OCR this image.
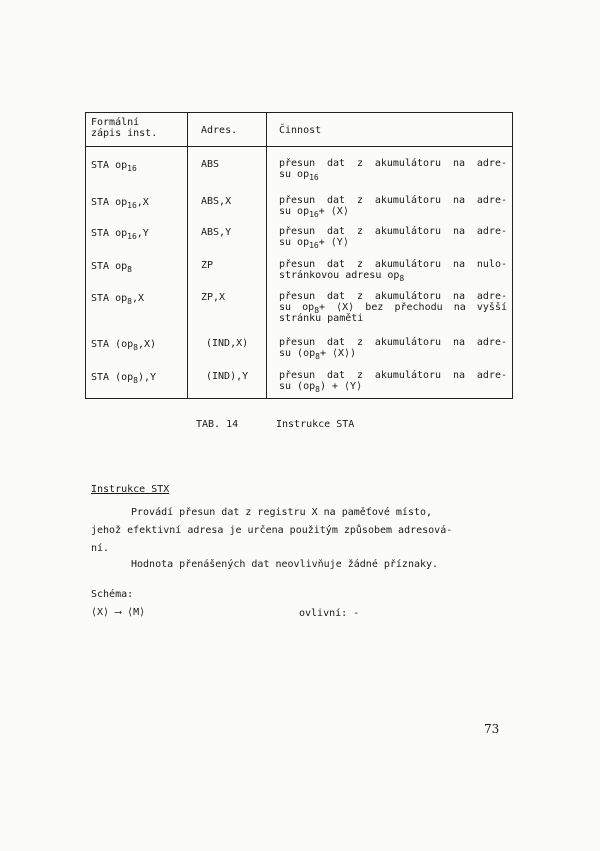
Formální
zápis inst.	Adres.	Činnost
STA $op_{16}$	ABS	přesun dat z akumulátoru na adre-
su $op_{16}$
STA $op_{16},X$	ABS,X	přesun dat z akumulátoru na adre-
su $op_{16}+$ ⟨X⟩
STA $op_{16},Y$	ABS,Y	přesun dat z akumulátoru na adre-
su $op_{16}+$ ⟨Y⟩
STA $op_8$	ZP	přesun dat z akumulátoru na nulo-
stránkovou adresu $op_8$
STA $op_8,X$	ZP,X	přesun dat z akumulátoru na adre-
su $op_8+$ ⟨X⟩ bez přechodu na vyšší
stránku paměti
STA $(op_8,X)$	(IND,X)	přesun dat z akumulátoru na adre-
su ($op_8+$ ⟨X⟩)
STA $(op_8),Y$	(IND),Y	přesun dat z akumulátoru na adre-
su $(op_8)$ + ⟨Y⟩
TAB. 14	Instrukce STA
Instrukce STX
Provádí přesun dat z registru X na paměťové místo,
jehož efektivní adresa je určena použitým způsobem adresová-
ní.
Hodnota přenášených dat neovlivňuje žádné příznaky.
Schéma:
⟨X⟩ ⟶ ⟨M⟩	ovlivní: -
73
